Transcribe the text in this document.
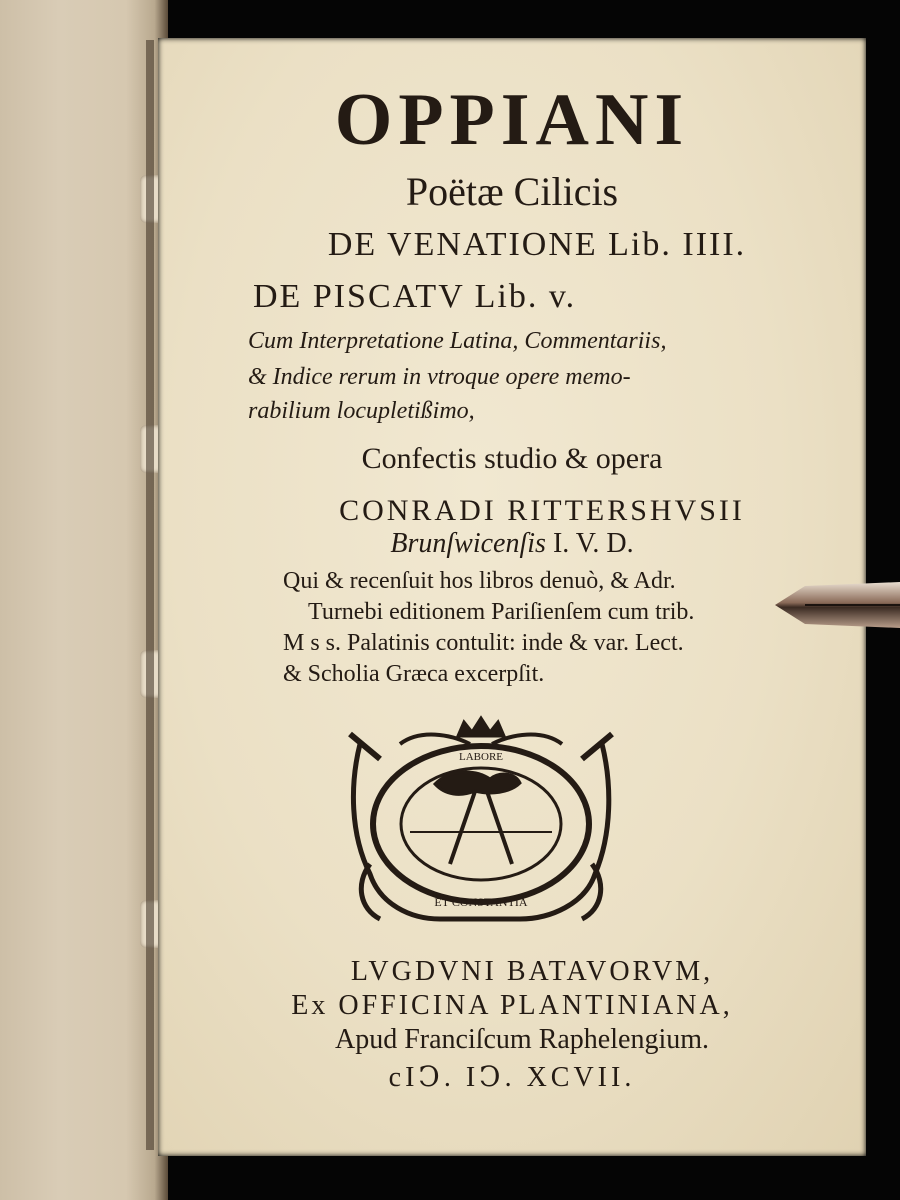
OPPIANI
Poëtæ Cilicis
DE VENATIONE Lib. IIII.
DE PISCATV Lib. v.
Cum Interpretatione Latina, Commentariis,
& Indice rerum in vtroque opere memo-
rabilium locupletißimo,
Confectis studio & opera
CONRADI RITTERSHVSII
Brunſwicenſis I. V. D.
Qui & recenſuit hos libros denuò, & Adr.
Turnebi editionem Pariſienſem cum trib.
M s s. Palatinis contulit: inde & var. Lect.
& Scholia Græca excerpſit.
ET CONSTANTIA
LABORE
LVGDVNI BATAVORVM,
Ex OFFICINA PLANTINIANA,
Apud Franciſcum Raphelengium.
cIↃ. IↃ. XCVII.
